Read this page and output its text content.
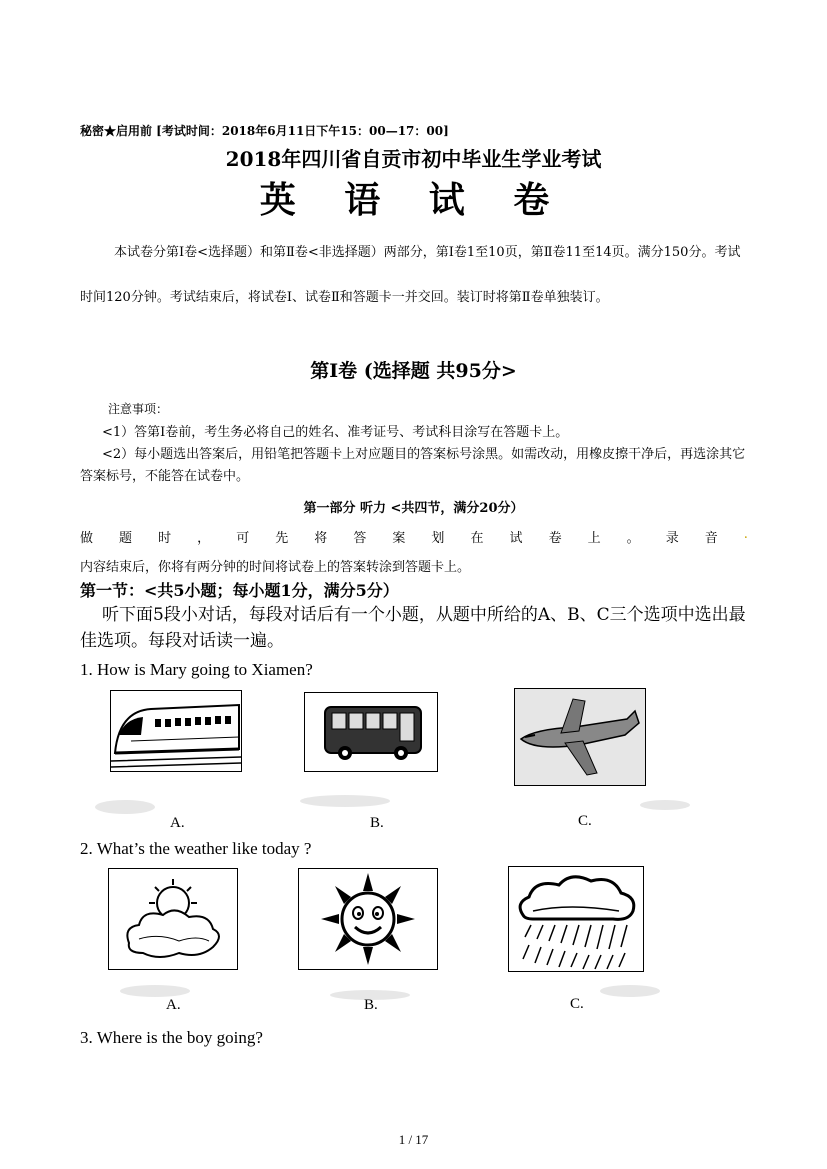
秘密★启用前 [考试时间：2018年6月11日下午15：00—17：00]
2018年四川省自贡市初中毕业生学业考试
英 语 试 卷
本试卷分第Ⅰ卷<选择题）和第Ⅱ卷<非选择题）两部分，第Ⅰ卷1至10页，第Ⅱ卷11至14页。满分150分。考试时间120分钟。考试结束后，将试卷Ⅰ、试卷Ⅱ和答题卡一并交回。装订时将第Ⅱ卷单独装订。
第Ⅰ卷 (选择题 共95分>
注意事项：

<1）答第Ⅰ卷前，考生务必将自己的姓名、准考证号、考试科目涂写在答题卡上。

<2）每小题选出答案后，用铅笔把答题卡上对应题目的答案标号涂黑。如需改动，用橡皮擦干净后，再选涂其它答案标号，不能答在试卷中。

第一部分 听力 <共四节，满分20分）
做 题 时 ， 可 先 将 答 案 划 在 试 卷 上 。 录 音 .
内容结束后，你将有两分钟的时间将试卷上的答案转涂到答题卡上。
第一节：<共5小题；每小题1分，满分5分）
听下面5段小对话，每段对话后有一个小题，从题中所给的A、B、C三个选项中选出最佳选项。每段对话读一遍。
1. How is Mary going to Xiamen?
A.	B.	C.
2. What’s the weather like today ?
A.	B.	C.
3. Where is the boy going?
1 / 17
